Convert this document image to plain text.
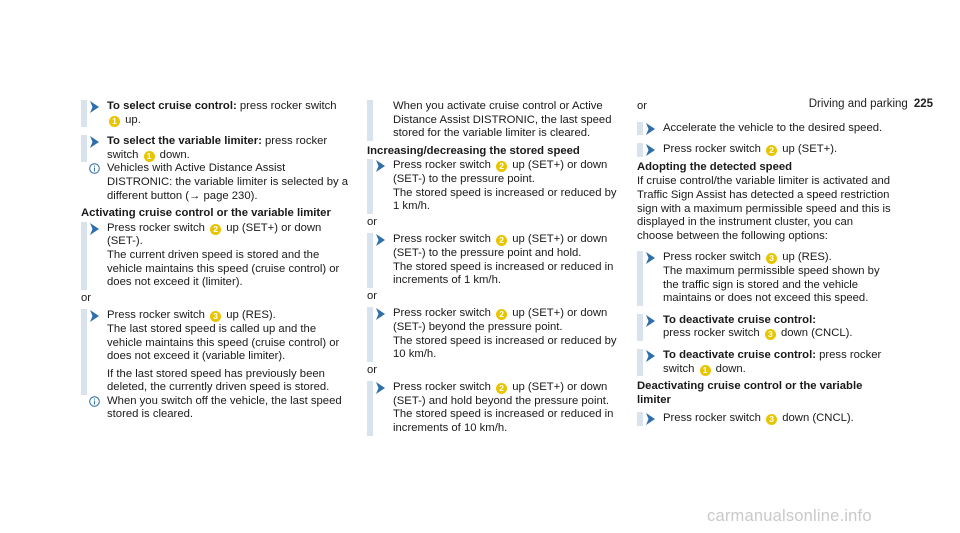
Driving and parking 225
To select cruise control: press rocker switch 1 up.
To select the variable limiter: press rocker switch 1 down.
Vehicles with Active Distance Assist DISTRONIC: the variable limiter is selected by a different button (→ page 230).
Activating cruise control or the variable limiter
Press rocker switch 2 up (SET+) or down (SET-).
The current driven speed is stored and the vehicle maintains this speed (cruise control) or does not exceed it (limiter).
or
Press rocker switch 3 up (RES).
The last stored speed is called up and the vehicle maintains this speed (cruise control) or does not exceed it (variable limiter).
If the last stored speed has previously been deleted, the currently driven speed is stored.
When you switch off the vehicle, the last speed stored is cleared.
When you activate cruise control or Active Distance Assist DISTRONIC, the last speed stored for the variable limiter is cleared.
Increasing/decreasing the stored speed
Press rocker switch 2 up (SET+) or down (SET-) to the pressure point.
The stored speed is increased or reduced by 1 km/h.
or
Press rocker switch 2 up (SET+) or down (SET-) to the pressure point and hold.
The stored speed is increased or reduced in increments of 1 km/h.
or
Press rocker switch 2 up (SET+) or down (SET-) beyond the pressure point.
The stored speed is increased or reduced by 10 km/h.
or
Press rocker switch 2 up (SET+) or down (SET-) and hold beyond the pressure point.
The stored speed is increased or reduced in increments of 10 km/h.
or
Accelerate the vehicle to the desired speed.
Press rocker switch 2 up (SET+).
Adopting the detected speed
If cruise control/the variable limiter is activated and Traffic Sign Assist has detected a speed restriction sign with a maximum permissible speed and this is displayed in the instrument cluster, you can choose between the following options:
Press rocker switch 3 up (RES).
The maximum permissible speed shown by the traffic sign is stored and the vehicle maintains or does not exceed this speed.
To deactivate cruise control:
press rocker switch 3 down (CNCL).
To deactivate cruise control: press rocker switch 1 down.
Deactivating cruise control or the variable limiter
Press rocker switch 3 down (CNCL).
carmanualsonline.info
